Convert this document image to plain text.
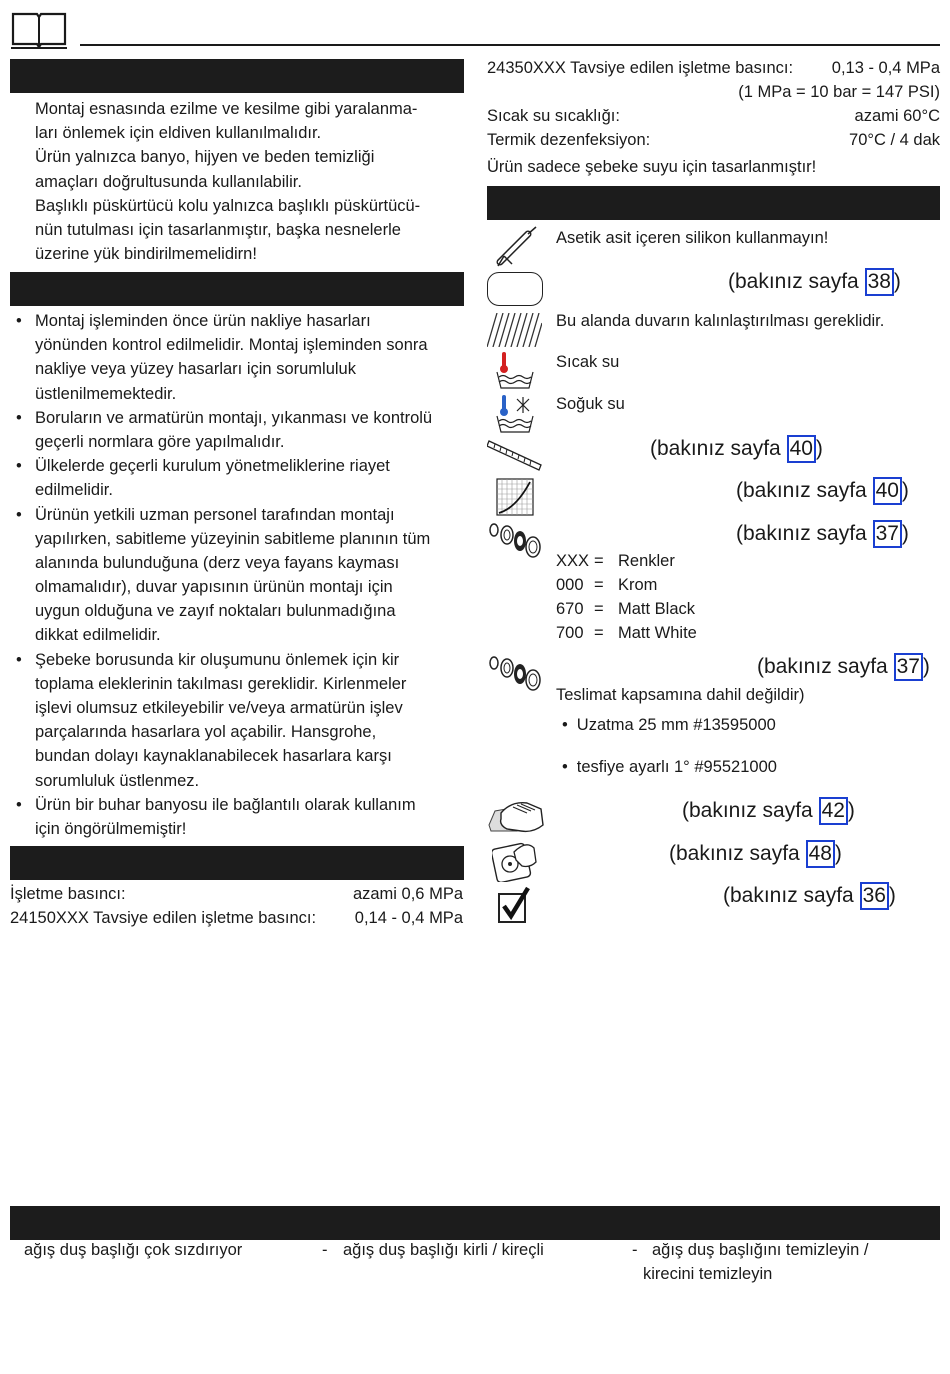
Montaj esnasında ezilme ve kesilme gibi yaralanma-
ları önlemek için eldiven kullanılmalıdır.
Ürün yalnızca banyo, hijyen ve beden temizliği
amaçları doğrultusunda kullanılabilir.
Başlıklı püskürtücü kolu yalnızca başlıklı püskürtücü-
nün tutulması için tasarlanmıştır, başka nesnelerle
üzerine yük bindirilmemelidirn!
• Montaj işleminden önce ürün nakliye hasarları
yönünden kontrol edilmelidir. Montaj işleminden sonra
nakliye veya yüzey hasarları için sorumluluk
üstlenilmemektedir.
• Boruların ve armatürün montajı, yıkanması ve kontrolü
geçerli normlara göre yapılmalıdır.
• Ülkelerde geçerli kurulum yönetmeliklerine riayet
edilmelidir.
• Ürünün yetkili uzman personel tarafından montajı
yapılırken, sabitleme yüzeyinin sabitleme planının tüm
alanında bulunduğuna (derz veya fayans kayması
olmamalıdır), duvar yapısının ürünün montajı için
uygun olduğuna ve zayıf noktaları bulunmadığına
dikkat edilmelidir.
• Şebeke borusunda kir oluşumunu önlemek için kir
toplama eleklerinin takılması gereklidir. Kirlenmeler
işlevi olumsuz etkileyebilir ve/veya armatürün işlev
parçalarında hasarlara yol açabilir. Hansgrohe,
bundan dolayı kaynaklanabilecek hasarlara karşı
sorumluluk üstlenmez.
• Ürün bir buhar banyosu ile bağlantılı olarak kullanım
için öngörülmemiştir!
İşletme basıncı:	azami 0,6 MPa
24150XXX Tavsiye edilen işletme basıncı: 0,14 - 0,4 MPa
24350XXX Tavsiye edilen işletme basıncı: 0,13 - 0,4 MPa
(1 MPa = 10 bar = 147 PSI)
Sıcak su sıcaklığı:	azami 60°C
Termik dezenfeksiyon:	70°C / 4 dak
Ürün sadece şebeke suyu için tasarlanmıştır!
Asetik asit içeren silikon kullanmayın!
(bakınız sayfa 38 )
Bu alanda duvarın kalınlaştırılması gereklidir.
Sıcak su
Soğuk su
(bakınız sayfa 40 )
(bakınız sayfa 40 )
(bakınız sayfa 37 )
XXX = Renkler
000 = Krom
670 = Matt Black
700 = Matt White
(bakınız sayfa 37 )
Teslimat kapsamına dahil değildir)
• Uzatma 25 mm #13595000
• tesfiye ayarlı 1° #95521000
(bakınız sayfa 42 )
(bakınız sayfa 48 )
(bakınız sayfa 36 )
ağış duş başlığı çok sızdırıyor	- ağış duş başlığı kirli / kireçli	- ağış duş başlığını temizleyin /
kirecini temizleyin
